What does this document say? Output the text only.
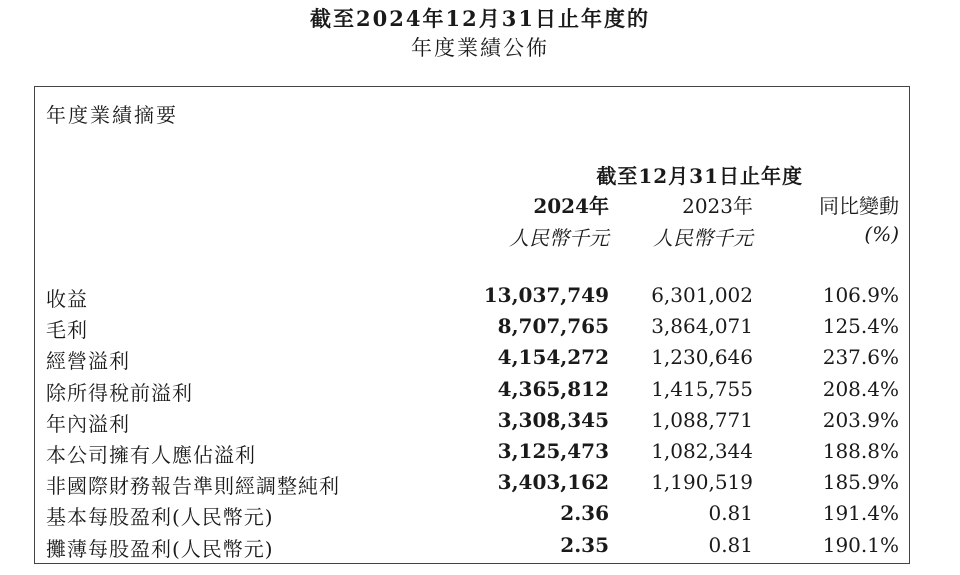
截至2024年12月31日止年度的
年度業績公佈
年度業績摘要
截至12月31日止年度
2024年	2023年	同比變動
人民幣千元 人民幣千元	(%)
收益	13,037,749 6,301,002	106.9%
毛利	8,707,765 3,864,071	125.4%
經營溢利	4,154,272 1,230,646	237.6%
除所得稅前溢利	4,365,812 1,415,755	208.4%
年內溢利	3,308,345 1,088,771	203.9%
本公司擁有人應佔溢利	3,125,473 1,082,344	188.8%
非國際財務報告準則經調整純利	3,403,162 1,190,519	185.9%
基本每股盈利(人民幣元)	2.36	0.81	191.4%
攤薄每股盈利(人民幣元)	2.35	0.81	190.1%
